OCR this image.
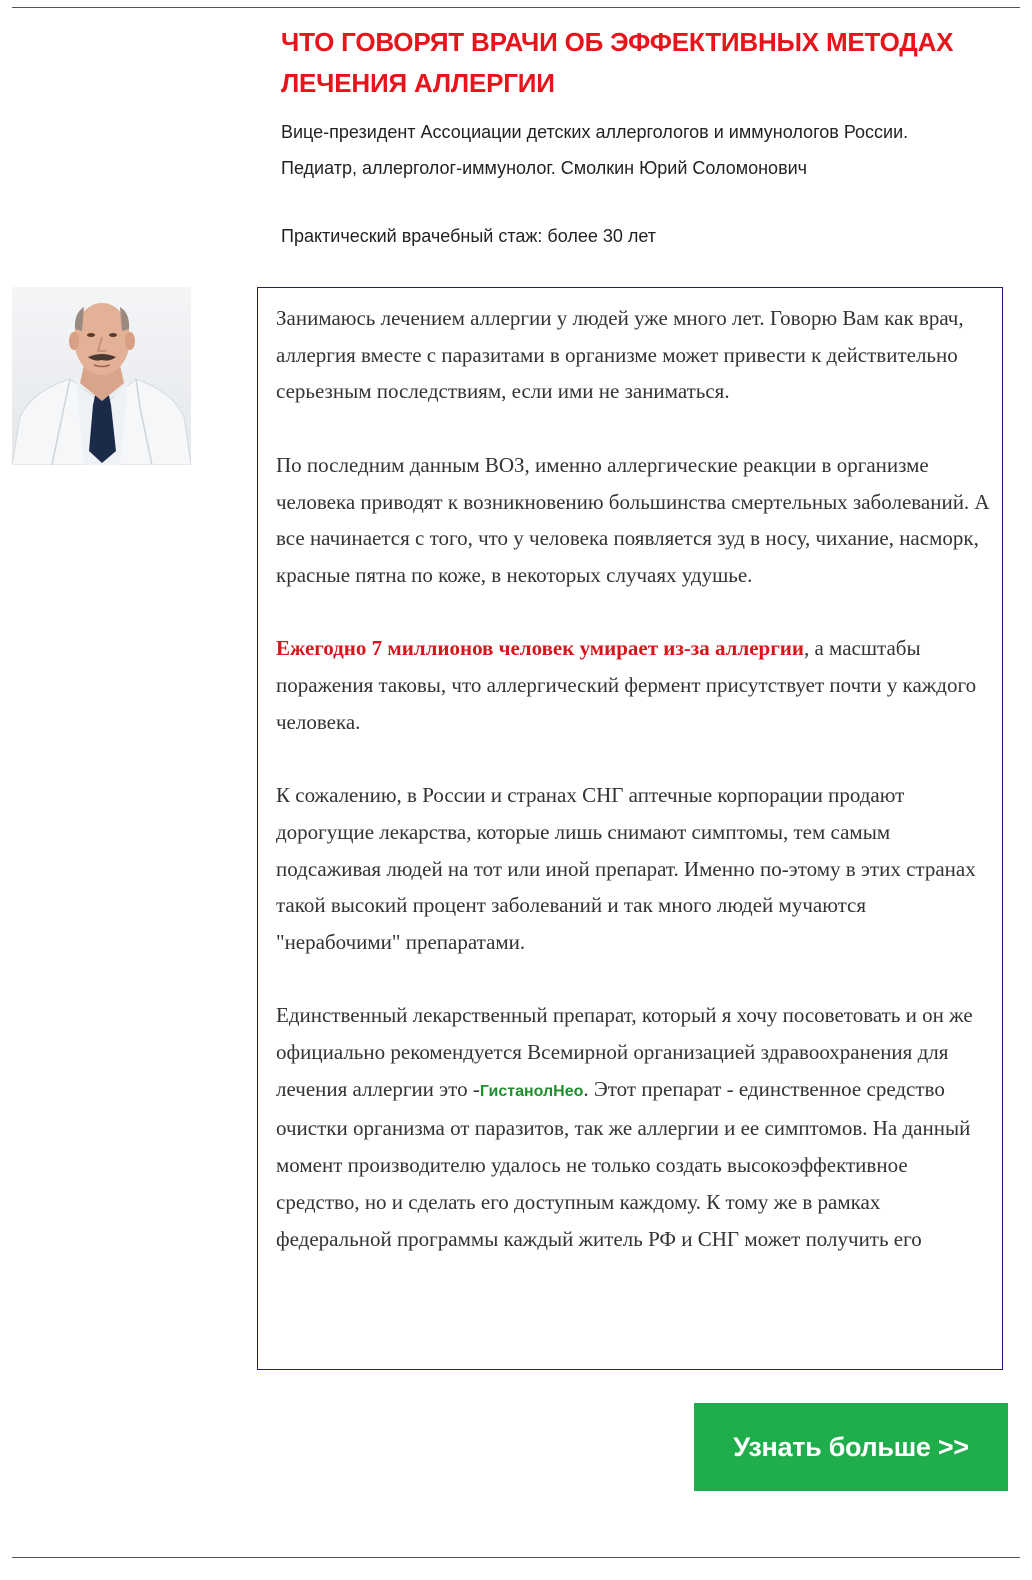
ЧТО ГОВОРЯТ ВРАЧИ ОБ ЭФФЕКТИВНЫХ МЕТОДАХ
ЛЕЧЕНИЯ АЛЛЕРГИИ

Вице-президент Ассоциации детских аллергологов и иммунологов России.
Педиатр, аллерголог-иммунолог. Смолкин Юрий Соломонович

Практический врачебный стаж: более 30 лет

Занимаюсь лечением аллергии у людей уже много лет. Говорю Вам как врач, аллергия вместе с паразитами в организме может привести к действительно серьезным последствиям, если ими не заниматься.

По последним данным ВОЗ, именно аллергические реакции в организме человека приводят к возникновению большинства смертельных заболеваний. А все начинается с того, что у человека появляется зуд в носу, чихание, насморк, красные пятна по коже, в некоторых случаях удушье.

Ежегодно 7 миллионов человек умирает из-за аллергии, а масштабы поражения таковы, что аллергический фермент присутствует почти у каждого человека.

К сожалению, в России и странах СНГ аптечные корпорации продают дорогущие лекарства, которые лишь снимают симптомы, тем самым подсаживая людей на тот или иной препарат. Именно по-этому в этих странах такой высокий процент заболеваний и так много людей мучаются "нерабочими" препаратами.

Единственный лекарственный препарат, который я хочу посоветовать и он же официально рекомендуется Всемирной организацией здравоохранения для лечения аллергии это -ГистанолНео. Этот препарат - единственное средство очистки организма от паразитов, так же аллергии и ее симптомов. На данный момент производителю удалось не только создать высокоэффективное средство, но и сделать его доступным каждому. К тому же в рамках федеральной программы каждый житель РФ и СНГ может получить его

Узнать больше >>
